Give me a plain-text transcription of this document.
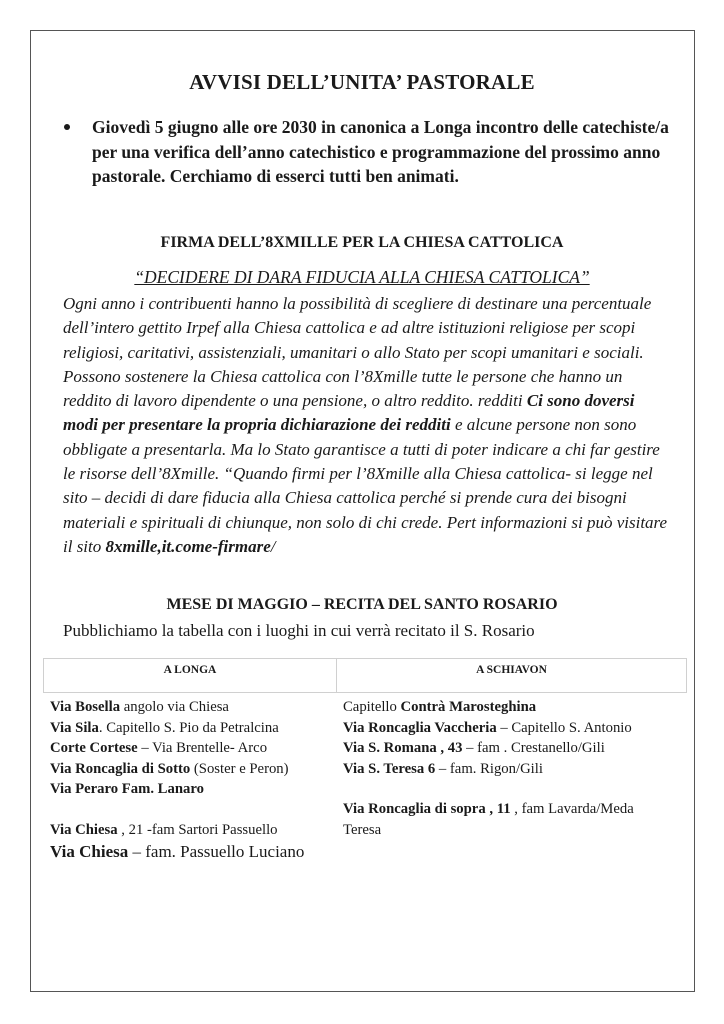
AVVISI DELL’UNITA’ PASTORALE
Giovedì 5 giugno alle ore 2030 in canonica a Longa incontro delle catechiste/a per una verifica dell’anno catechistico e programmazione del prossimo anno pastorale. Cerchiamo di esserci tutti ben animati.
FIRMA DELL’8XMILLE PER LA CHIESA CATTOLICA
“DECIDERE DI DARA FIDUCIA ALLA CHIESA CATTOLICA”
Ogni anno i contribuenti hanno la possibilità di scegliere di destinare una percentuale dell’intero gettito Irpef alla Chiesa cattolica e ad altre istituzioni religiose per scopi religiosi, caritativi, assistenziali, umanitari o allo Stato per scopi umanitari e sociali. Possono sostenere la Chiesa cattolica con l’8Xmille tutte le persone che hanno un reddito di lavoro dipendente o una pensione, o altro reddito. redditi Ci sono doversi modi per presentare la propria dichiarazione dei redditi e alcune persone non sono obbligate a presentarla. Ma lo Stato garantisce a tutti di poter indicare a chi far gestire le risorse dell’8Xmille. “Quando firmi per l’8Xmille alla Chiesa cattolica- si legge nel sito – decidi di dare fiducia alla Chiesa cattolica perché si prende cura dei bisogni materiali e spirituali di chiunque, non solo di chi crede. Pert informazioni si può visitare il sito 8xmille,it.come-firmare/
MESE DI MAGGIO – RECITA DEL SANTO ROSARIO
Pubblichiamo la tabella con i luoghi in cui verrà recitato il S. Rosario
A LONGA	A SCHIAVON

Via Bosella angolo via Chiesa

Via Sila. Capitello S. Pio da Petralcina

Corte Cortese – Via Brentelle- Arco

Via Roncaglia di Sotto (Soster e Peron)

Via Peraro Fam. Lanaro

Via Chiesa , 21 -fam Sartori Passuello

Via Chiesa – fam. Passuello Luciano

Capitello Contrà Marosteghina

Via Roncaglia Vaccheria – Capitello S. Antonio

Via S. Romana , 43 – fam . Crestanello/Gili

Via S. Teresa 6 – fam. Rigon/Gili

Via Roncaglia di sopra , 11 , fam Lavarda/Meda Teresa
